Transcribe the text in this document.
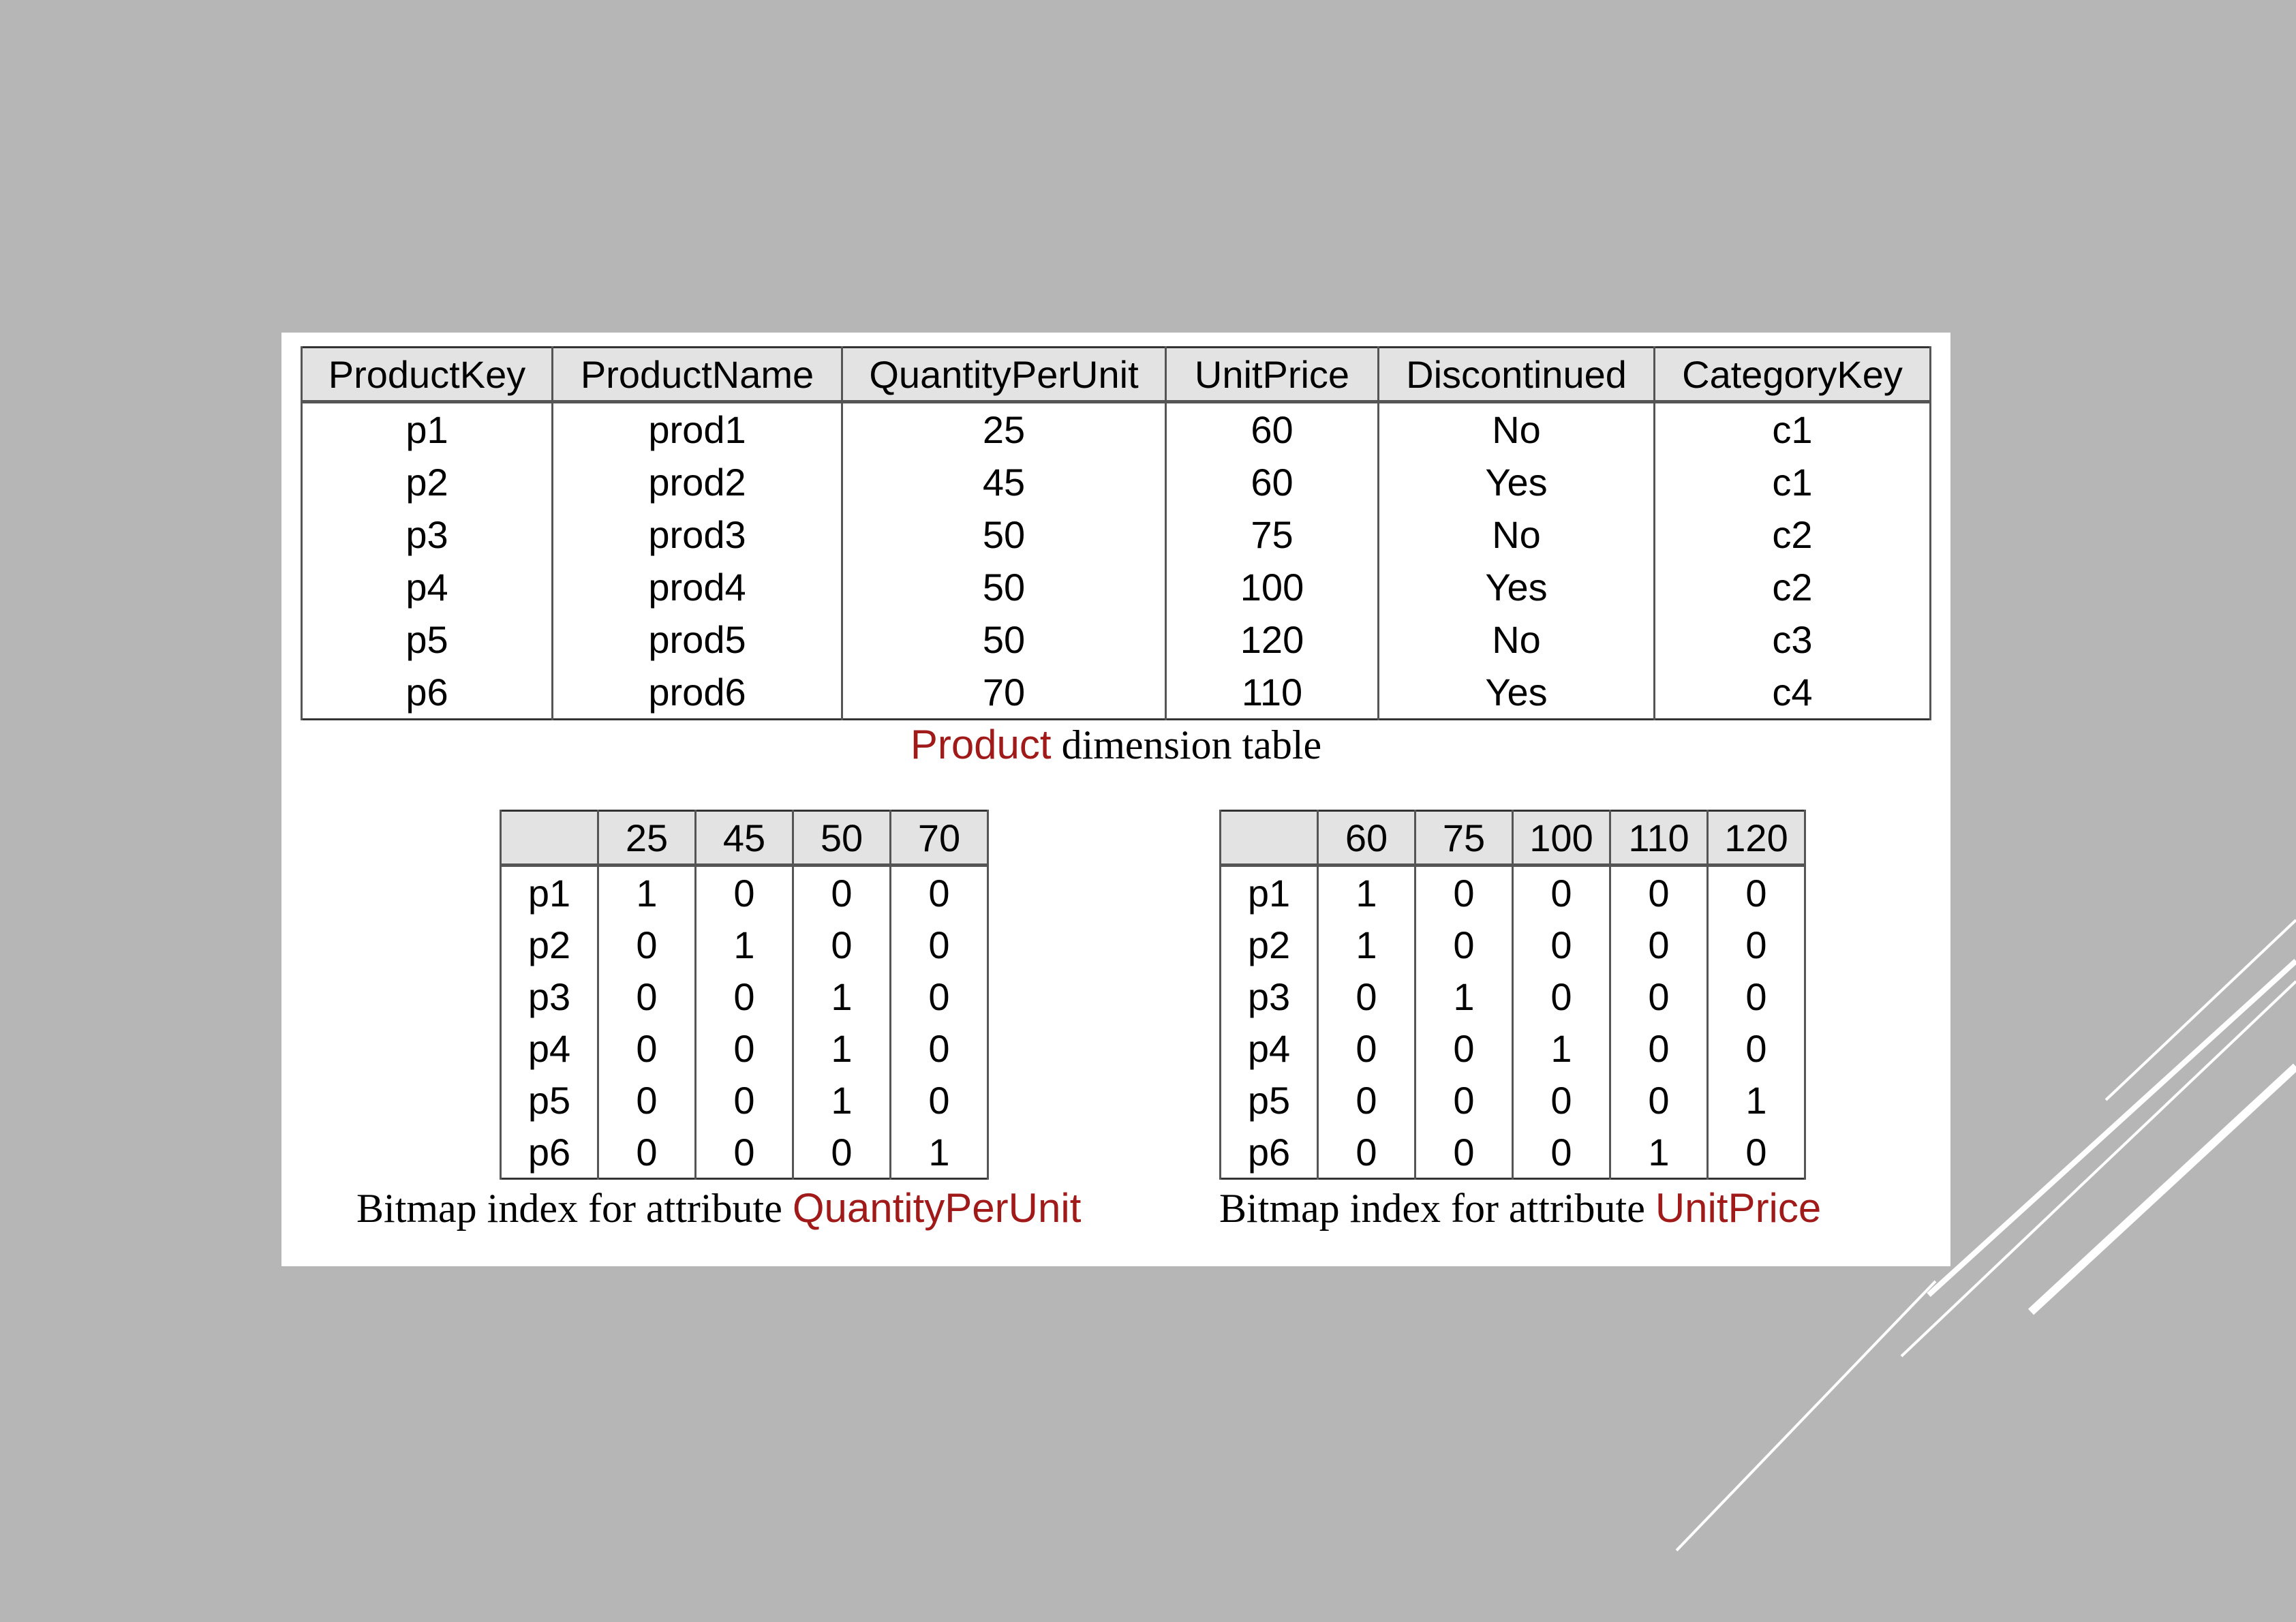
ProductKey	ProductName	QuantityPerUnit	UnitPrice	Discontinued	CategoryKey
p1	prod1	25	60	No	c1
p2	prod2	45	60	Yes	c1
p3	prod3	50	75	No	c2
p4	prod4	50	100	Yes	c2
p5	prod5	50	120	No	c3
p6	prod6	70	110	Yes	c4
Product dimension table
	25	45	50	70
p1	1	0	0	0
p2	0	1	0	0
p3	0	0	1	0
p4	0	0	1	0
p5	0	0	1	0
p6	0	0	0	1
Bitmap index for attribute QuantityPerUnit
	60	75	100	110	120
p1	1	0	0	0	0
p2	1	0	0	0	0
p3	0	1	0	0	0
p4	0	0	1	0	0
p5	0	0	0	0	1
p6	0	0	0	1	0
Bitmap index for attribute UnitPrice
